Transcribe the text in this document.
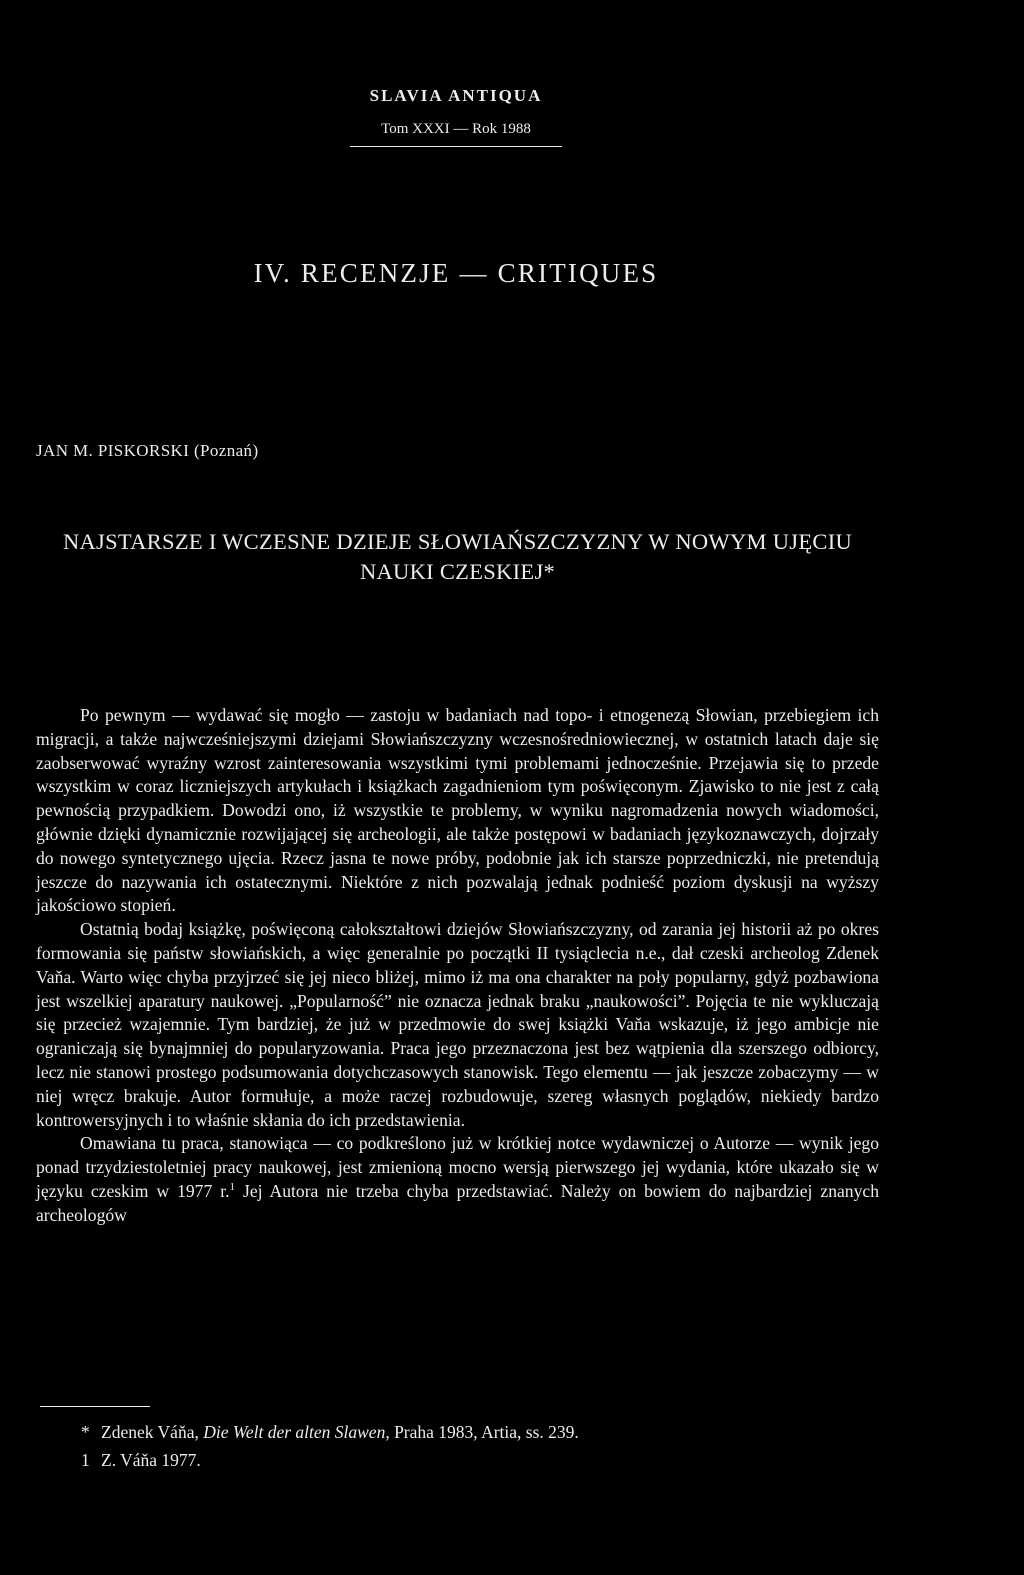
SLAVIA ANTIQUA
Tom XXXI — Rok 1988
IV. RECENZJE — CRITIQUES
JAN M. PISKORSKI (Poznań)
NAJSTARSZE I WCZESNE DZIEJE SŁOWIAŃSZCZYZNY W NOWYM UJĘCIU NAUKI CZESKIEJ*

Po pewnym — wydawać się mogło — zastoju w badaniach nad topo- i etnogenezą Słowian, przebiegiem ich migracji, a także najwcześniejszymi dziejami Słowiańszczyzny wczesnośredniowiecznej, w ostatnich latach daje się zaobserwować wyraźny wzrost zainteresowania wszystkimi tymi problemami jednocześnie. Przejawia się to przede wszystkim w coraz liczniejszych artykułach i książkach zagadnieniom tym poświęconym. Zjawisko to nie jest z całą pewnością przypadkiem. Dowodzi ono, iż wszystkie te problemy, w wyniku nagromadzenia nowych wiadomości, głównie dzięki dynamicznie rozwijającej się archeologii, ale także postępowi w badaniach językoznawczych, dojrzały do nowego syntetycznego ujęcia. Rzecz jasna te nowe próby, podobnie jak ich starsze poprzedniczki, nie pretendują jeszcze do nazywania ich ostatecznymi. Niektóre z nich pozwalają jednak podnieść poziom dyskusji na wyższy jakościowo stopień.

Ostatnią bodaj książkę, poświęconą całokształtowi dziejów Słowiańszczyzny, od zarania jej historii aż po okres formowania się państw słowiańskich, a więc generalnie po początki II tysiąclecia n.e., dał czeski archeolog Zdenek Vaňa. Warto więc chyba przyjrzeć się jej nieco bliżej, mimo iż ma ona charakter na poły popularny, gdyż pozbawiona jest wszelkiej aparatury naukowej. „Popularność” nie oznacza jednak braku „naukowości”. Pojęcia te nie wykluczają się przecież wzajemnie. Tym bardziej, że już w przedmowie do swej książki Vaňa wskazuje, iż jego ambicje nie ograniczają się bynajmniej do popularyzowania. Praca jego przeznaczona jest bez wątpienia dla szerszego odbiorcy, lecz nie stanowi prostego podsumowania dotychczasowych stanowisk. Tego elementu — jak jeszcze zobaczymy — w niej wręcz brakuje. Autor formułuje, a może raczej rozbudowuje, szereg własnych poglądów, niekiedy bardzo kontrowersyjnych i to właśnie skłania do ich przedstawienia.

Omawiana tu praca, stanowiąca — co podkreślono już w krótkiej notce wydawniczej o Autorze — wynik jego ponad trzydziestoletniej pracy naukowej, jest zmienioną mocno wersją pierwszego jej wydania, które ukazało się w języku czeskim w 1977 r.$^1$ Jej Autora nie trzeba chyba przedstawiać. Należy on bowiem do najbardziej znanych archeologów

* Zdenek Váňa, Die Welt der alten Slawen, Praha 1983, Artia, ss. 239.
1 Z. Váňa 1977.
